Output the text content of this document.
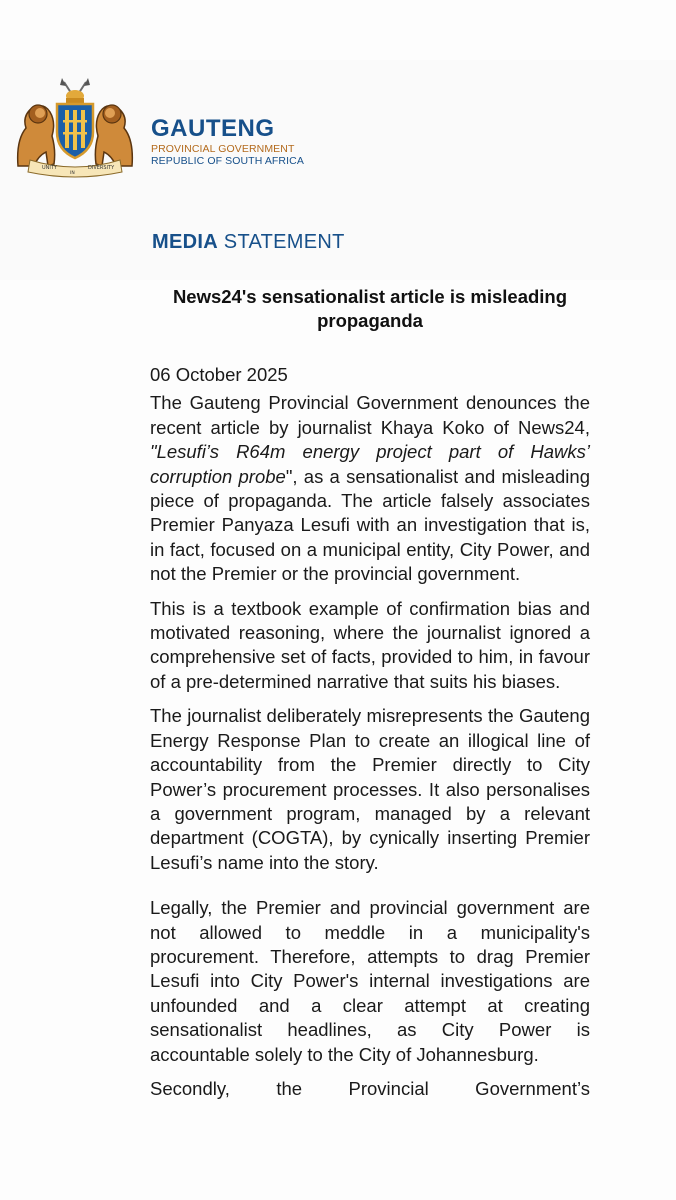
UNITY
IN
DIVERSITY
GAUTENG
PROVINCIAL GOVERNMENT
REPUBLIC OF SOUTH AFRICA
MEDIA STATEMENT
News24's sensationalist article is misleading propaganda
06 October 2025

The Gauteng Provincial Government denounces the recent article by journalist Khaya Koko of News24, "Lesufi’s R64m energy project part of Hawks’ corruption probe", as a sensationalist and misleading piece of propaganda. The article falsely associates Premier Panyaza Lesufi with an investigation that is, in fact, focused on a municipal entity, City Power, and not the Premier or the provincial government.

This is a textbook example of confirmation bias and motivated reasoning, where the journalist ignored a comprehensive set of facts, provided to him, in favour of a pre-determined narrative that suits his biases.

The journalist deliberately misrepresents the Gauteng Energy Response Plan to create an illogical line of accountability from the Premier directly to City Power’s procurement processes. It also personalises a government program, managed by a relevant department (COGTA), by cynically inserting Premier Lesufi’s name into the story.

Legally, the Premier and provincial government are not allowed to meddle in a municipality's procurement. Therefore, attempts to drag Premier Lesufi into City Power's internal investigations are unfounded and a clear attempt at creating sensationalist headlines, as City Power is accountable solely to the City of Johannesburg.

Secondly, the Provincial Government’s
